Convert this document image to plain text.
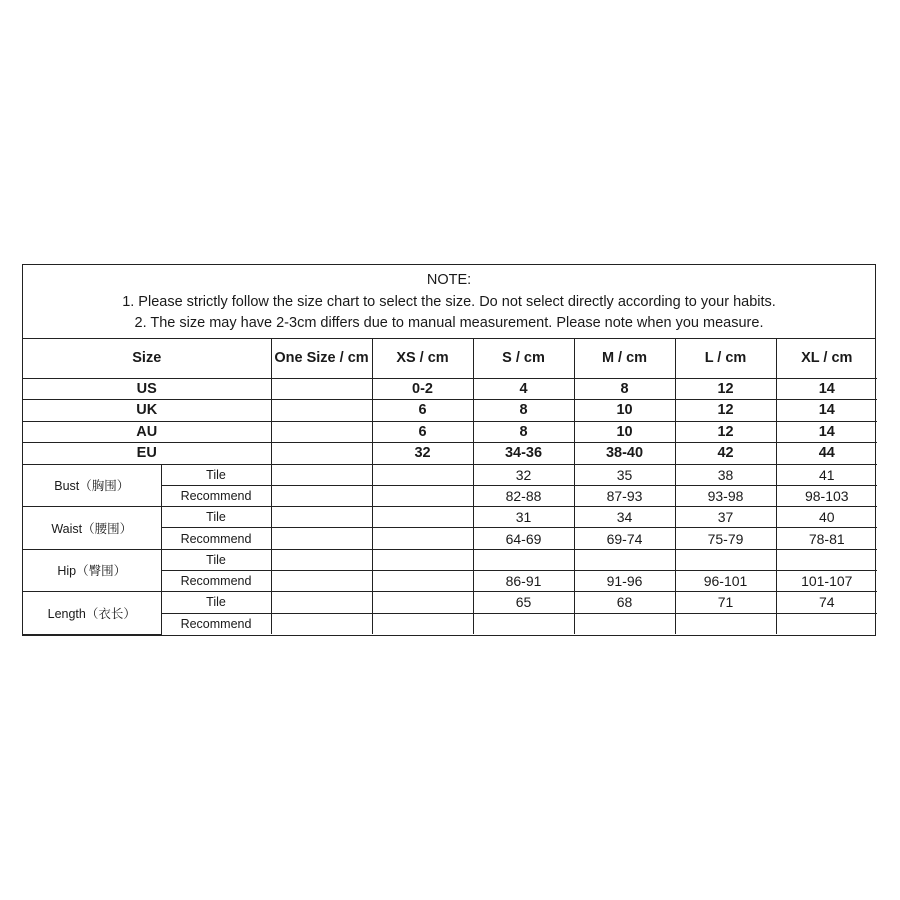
NOTE:
1. Please strictly follow the size chart to select the size. Do not select directly according to your habits.
2. The size may have 2-3cm differs due to manual measurement. Please note when you measure.
Size		One Size / cm	XS / cm	S / cm	M / cm	L / cm	XL / cm
US			0-2	4	8	12	14
UK			6	8	10	12	14
AU			6	8	10	12	14
EU			32	34-36	38-40	42	44
Bust（胸围）	Tile			32	35	38	41
	Recommend			82-88	87-93	93-98	98-103
Waist（腰围）	Tile			31	34	37	40
	Recommend			64-69	69-74	75-79	78-81
Hip（臀围）	Tile						
	Recommend			86-91	91-96	96-101	101-107
Length（衣长）	Tile			65	68	71	74
	Recommend						
